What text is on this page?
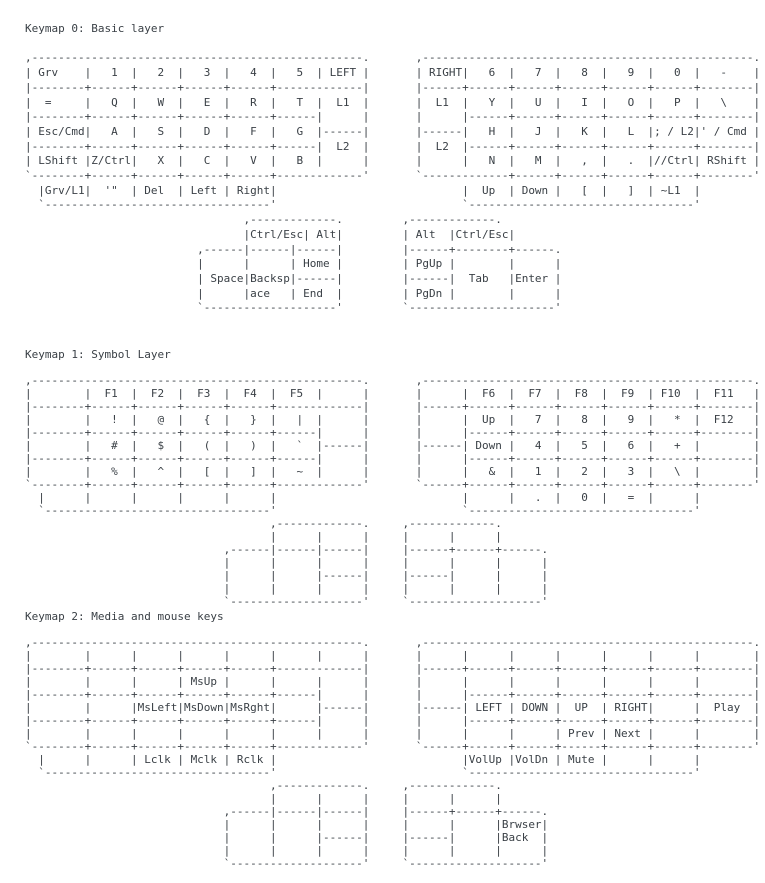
Keymap 0: Basic layer
,--------------------------------------------------.       ,--------------------------------------------------.
| Grv    |   1  |   2  |   3  |   4  |   5  | LEFT |       | RIGHT|   6  |   7  |   8  |   9  |   0  |   -    |
|--------+------+------+------+------+-------------|       |------+------+------+------+------+------+--------|
|  =     |   Q  |   W  |   E  |   R  |   T  |  L1  |       |  L1  |   Y  |   U  |   I  |   O  |   P  |   \    |
|--------+------+------+------+------+------|      |       |      |------+------+------+------+------+--------|
| Esc/Cmd|   A  |   S  |   D  |   F  |   G  |------|       |------|   H  |   J  |   K  |   L  |; / L2|' / Cmd |
|--------+------+------+------+------+------|  L2  |       |  L2  |------+------+------+------+------+--------|
| LShift |Z/Ctrl|   X  |   C  |   V  |   B  |      |       |      |   N  |   M  |   ,  |   .  |//Ctrl| RShift |
`--------+------+------+------+------+-------------'       `-------------+------+------+------+------+--------'
|Grv/L1|  '"  | Del  | Left | Right|                            |  Up  | Down |   [  |   ]  | ~L1  |
`----------------------------------'                            `----------------------------------'
,-------------.         ,-------------.
|Ctrl/Esc| Alt|         | Alt  |Ctrl/Esc|
,------|------|------|         |------+--------+------.
|      |      | Home |         | PgUp |        |      |
| Space|Backsp|------|         |------|  Tab   |Enter |
|      |ace   | End  |         | PgDn |        |      |
`--------------------'         `----------------------'
Keymap 1: Symbol Layer
,--------------------------------------------------.       ,--------------------------------------------------.
|        |  F1  |  F2  |  F3  |  F4  |  F5  |      |       |      |  F6  |  F7  |  F8  |  F9  | F10  |  F11   |
|--------+------+------+------+------+-------------|       |------+------+------+------+------+------+--------|
|        |   !  |   @  |   {  |   }  |   |  |      |       |      |  Up  |   7  |   8  |   9  |   *  |  F12   |
|--------+------+------+------+------+------|      |       |      |------+------+------+------+------+--------|
|        |   #  |   $  |   (  |   )  |   `  |------|       |------| Down |   4  |   5  |   6  |   +  |        |
|--------+------+------+------+------+------|      |       |      |------+------+------+------+------+--------|
|        |   %  |   ^  |   [  |   ]  |   ~  |      |       |      |   &  |   1  |   2  |   3  |   \  |        |
`--------+------+------+------+------+-------------'       `------+------+------+------+------+------+--------'
|      |      |      |      |      |                            |      |   .  |   0  |   =  |      |
`----------------------------------'                            `----------------------------------'
,-------------.     ,-------------.
|      |      |     |      |      |
,------|------|------|     |------+------+------.
|      |      |      |     |      |      |      |
|      |      |------|     |------|      |      |
|      |      |      |     |      |      |      |
`--------------------'     `--------------------'
Keymap 2: Media and mouse keys
,--------------------------------------------------.       ,--------------------------------------------------.
|        |      |      |      |      |      |      |       |      |      |      |      |      |      |        |
|--------+------+------+------+------+-------------|       |------+------+------+------+------+------+--------|
|        |      |      | MsUp |      |      |      |       |      |      |      |      |      |      |        |
|--------+------+------+------+------+------|      |       |      |------+------+------+------+------+--------|
|        |      |MsLeft|MsDown|MsRght|      |------|       |------| LEFT | DOWN |  UP  | RIGHT|      |  Play  |
|--------+------+------+------+------+------|      |       |      |------+------+------+------+------+--------|
|        |      |      |      |      |      |      |       |      |      |      | Prev | Next |      |        |
`--------+------+------+------+------+-------------'       `------+------+------+------+------+------+--------'
|      |      | Lclk | Mclk | Rclk |                            |VolUp |VolDn | Mute |      |      |
`----------------------------------'                            `----------------------------------'
,-------------.     ,-------------.
|      |      |     |      |      |
,------|------|------|     |------+------+------.
|      |      |      |     |      |      |Brwser|
|      |      |------|     |------|      |Back  |
|      |      |      |     |      |      |      |
`--------------------'     `--------------------'
